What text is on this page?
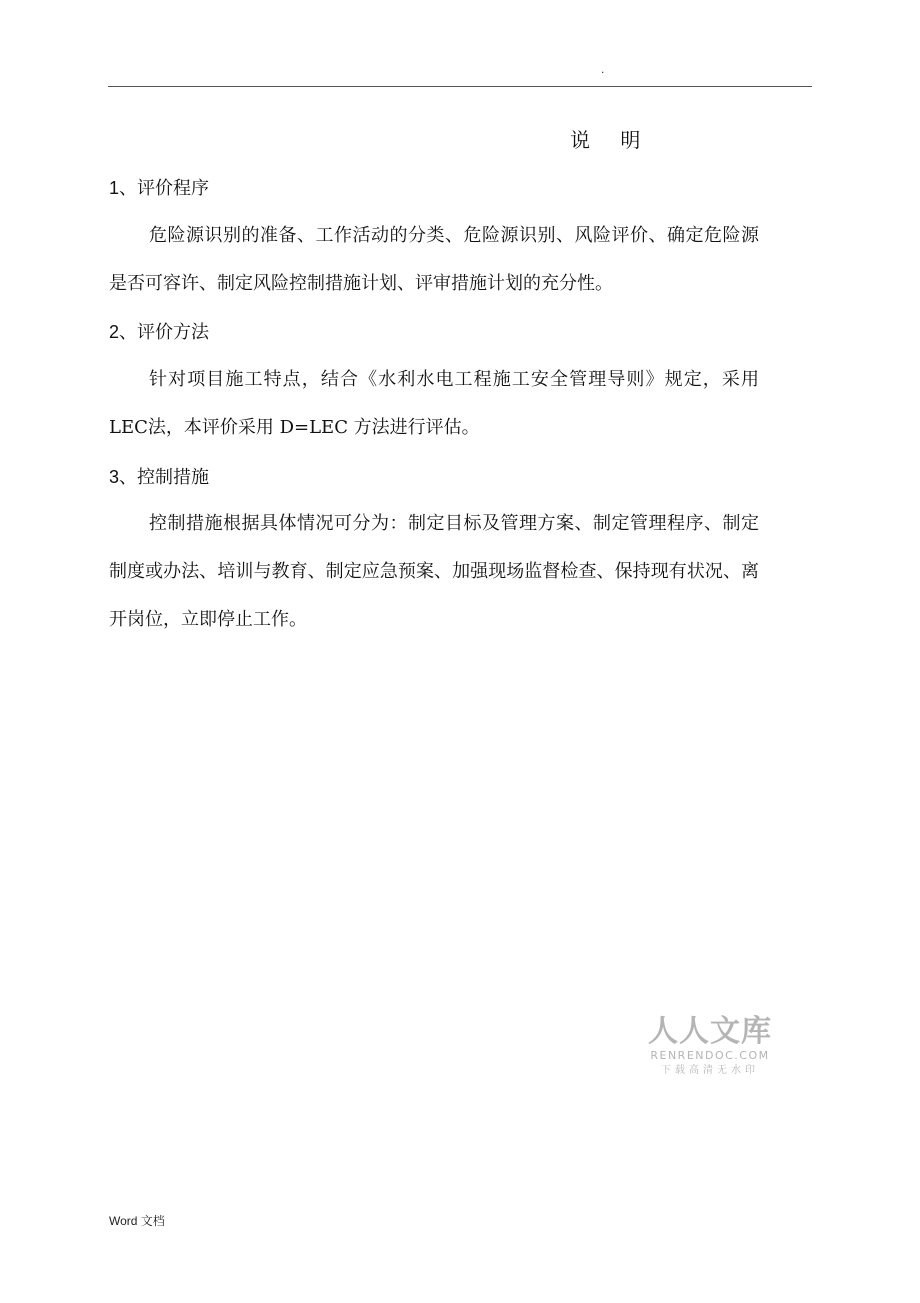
.
说 明
1、评价程序

危险源识别的准备、工作活动的分类、危险源识别、风险评价、确定危险源是否可容许、制定风险控制措施计划、评审措施计划的充分性。

2、评价方法

针对项目施工特点，结合《水利水电工程施工安全管理导则》规定，采用 LEC法，本评价采用 D=LEC 方法进行评估。

3、控制措施

控制措施根据具体情况可分为：制定目标及管理方案、制定管理程序、制定制度或办法、培训与教育、制定应急预案、加强现场监督检查、保持现有状况、离开岗位，立即停止工作。

人人文库
RENRENDOC.COM
下载高清无水印
Word 文档
